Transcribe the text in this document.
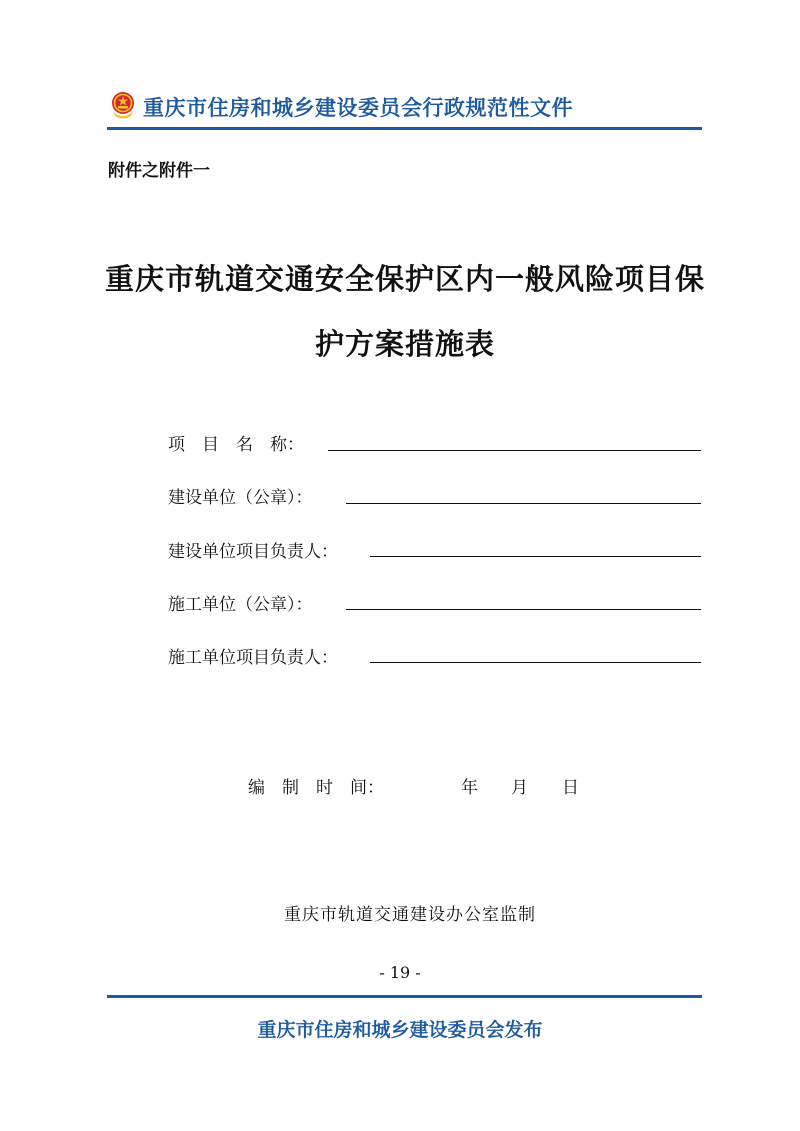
重庆市住房和城乡建设委员会行政规范性文件
附件之附件一
重庆市轨道交通安全保护区内一般风险项目保
护方案措施表
项　目　名　称：
建设单位（公章）：
建设单位项目负责人：
施工单位（公章）：
施工单位项目负责人：
编　制　时　间：	年 月 日
重庆市轨道交通建设办公室监制
- 19 -
重庆市住房和城乡建设委员会发布
